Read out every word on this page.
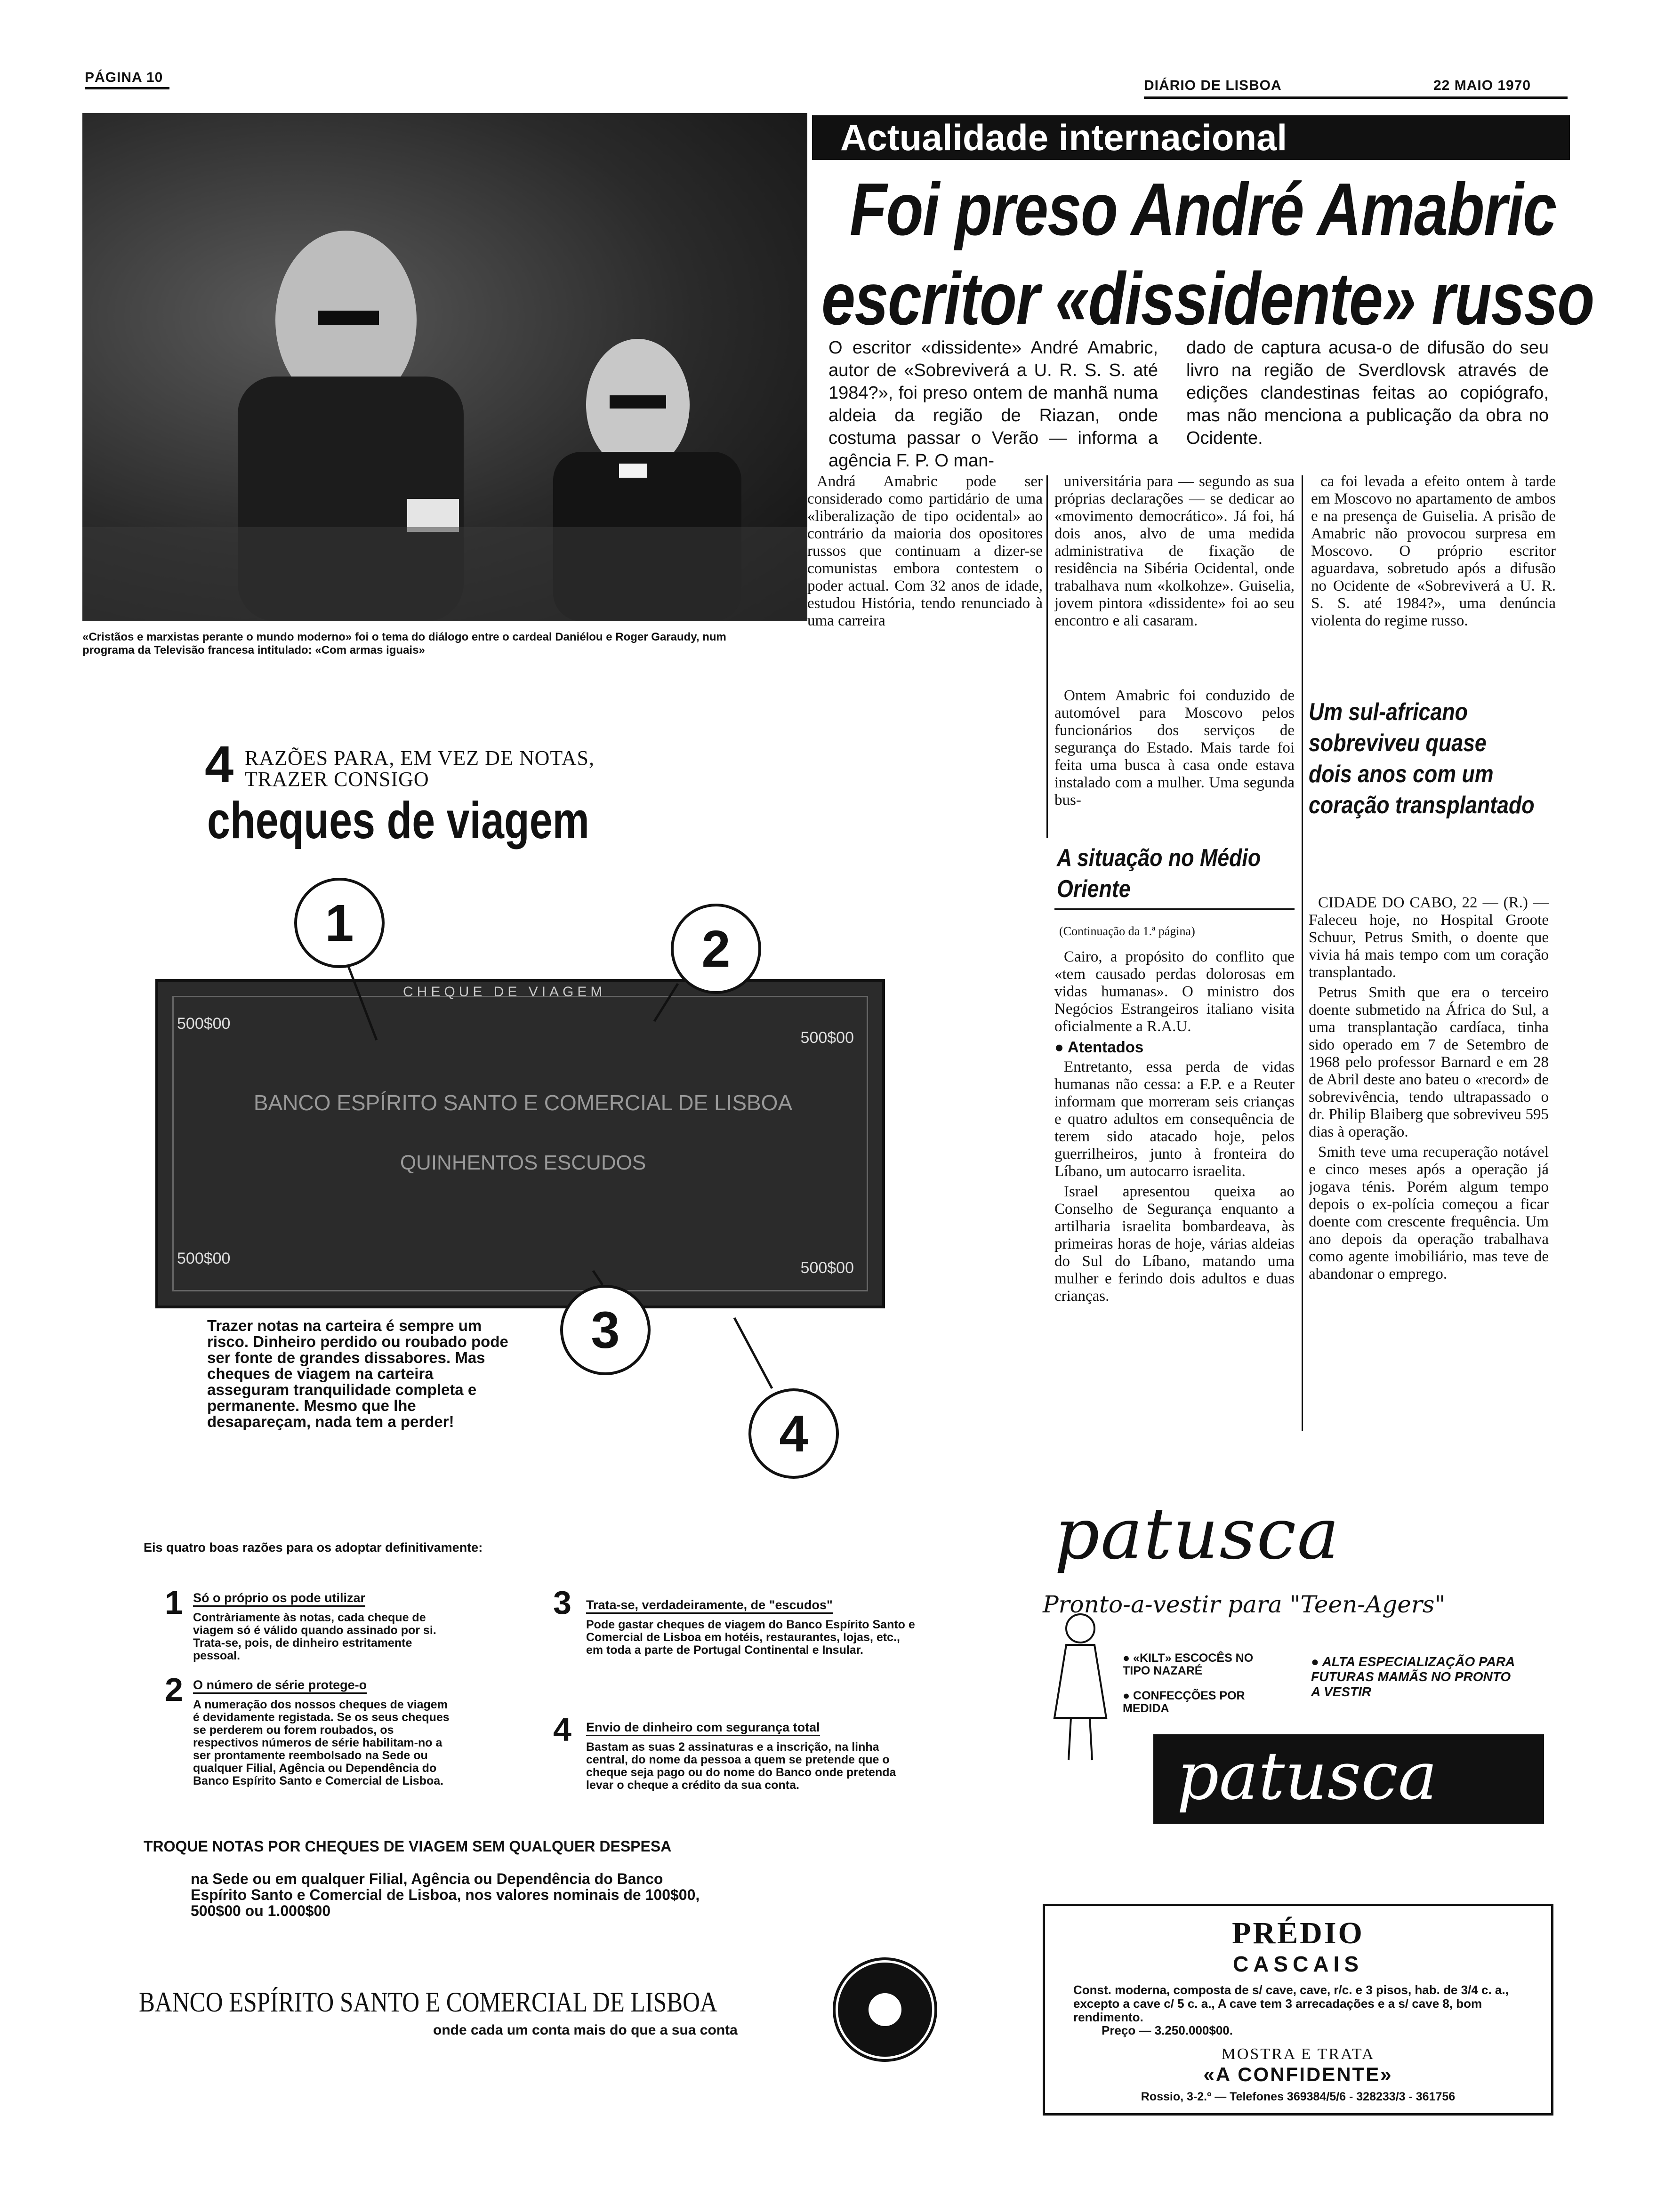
PÁGINA 10
DIÁRIO DE LISBOA	22 MAIO 1970
«Cristãos e marxistas perante o mundo moderno» foi o tema do diálogo entre o cardeal Daniélou e Roger Garaudy, num programa da Televisão francesa intitulado: «Com armas iguais»
Actualidade internacional
Foi preso André Amabric
escritor «dissidente» russo
O escritor «dissidente» André Amabric, autor de «Sobreviverá a U. R. S. S. até 1984?», foi preso ontem de manhã numa aldeia da região de Riazan, onde costuma passar o Verão — informa a agência F. P. O man-
dado de captura acusa-o de difusão do seu livro na região de Sverdlovsk através de edições clandestinas feitas ao copiógrafo, mas não menciona a publicação da obra no Ocidente.

Andrá Amabric pode ser considerado como partidário de uma «liberalização de tipo ocidental» ao contrário da maioria dos opositores russos que continuam a dizer-se comunistas embora contestem o poder actual. Com 32 anos de idade, estudou História, tendo renunciado à uma carreira

universitária para — segundo as sua próprias declarações — se dedicar ao «movimento democrático». Já foi, há dois anos, alvo de uma medida administrativa de fixação de residência na Sibéria Ocidental, onde trabalhava num «kolkohze». Guiselia, jovem pintora «dissidente» foi ao seu encontro e ali casaram.

ca foi levada a efeito ontem à tarde em Moscovo no apartamento de ambos e na presença de Guiselia. A prisão de Amabric não provocou surpresa em Moscovo. O próprio escritor aguardava, sobretudo após a difusão no Ocidente de «Sobreviverá a U. R. S. S. até 1984?», uma denúncia violenta do regime russo.

Ontem Amabric foi conduzido de automóvel para Moscovo pelos funcionários dos serviços de segurança do Estado. Mais tarde foi feita uma busca à casa onde estava instalado com a mulher. Uma segunda bus-

A situação no Médio Oriente
(Continuação da 1.ª página)

Cairo, a propósito do conflito que «tem causado perdas dolorosas em vidas humanas». O ministro dos Negócios Estrangeiros italiano visita oficialmente a R.A.U.

● Atentados

Entretanto, essa perda de vidas humanas não cessa: a F.P. e a Reuter informam que morreram seis crianças e quatro adultos em consequência de terem sido atacado hoje, pelos guerrilheiros, junto à fronteira do Líbano, um autocarro israelita.

Israel apresentou queixa ao Conselho de Segurança enquanto a artilharia israelita bombardeava, às primeiras horas de hoje, várias aldeias do Sul do Líbano, matando uma mulher e ferindo dois adultos e duas crianças.

Um sul-africano sobreviveu quase dois anos com um coração transplantado

CIDADE DO CABO, 22 — (R.) — Faleceu hoje, no Hospital Groote Schuur, Petrus Smith, o doente que vivia há mais tempo com um coração transplantado.

Petrus Smith que era o terceiro doente submetido na África do Sul, a uma transplantação cardíaca, tinha sido operado em 7 de Setembro de 1968 pelo professor Barnard e em 28 de Abril deste ano bateu o «record» de sobrevivência, tendo ultrapassado o dr. Philip Blaiberg que sobreviveu 595 dias à operação.

Smith teve uma recuperação notável e cinco meses após a operação já jogava ténis. Porém algum tempo depois o ex-polícia começou a ficar doente com crescente frequência. Um ano depois da operação trabalhava como agente imobiliário, mas teve de abandonar o emprego.

4 RAZÕES PARA, EM VEZ DE NOTAS,
TRAZER CONSIGO
cheques de viagem
CHEQUE DE VIAGEM
500$00
500$00
500$00
500$00
BANCO ESPÍRITO SANTO E COMERCIAL DE LISBOA
QUINHENTOS ESCUDOS
1	2
3
4
Trazer notas na carteira é sempre um risco. Dinheiro perdido ou roubado pode ser fonte de grandes dissabores. Mas cheques de viagem na carteira asseguram tranquilidade completa e permanente. Mesmo que lhe desapareçam, nada tem a perder!
Eis quatro boas razões para os adoptar definitivamente:
1 Só o próprio os pode utilizar
Contràriamente às notas, cada cheque de viagem só é válido quando assinado por si. Trata-se, pois, de dinheiro estritamente pessoal.
2 O número de série protege-o
A numeração dos nossos cheques de viagem é devidamente registada. Se os seus cheques se perderem ou forem roubados, os respectivos números de série habilitam-no a ser prontamente reembolsado na Sede ou qualquer Filial, Agência ou Dependência do Banco Espírito Santo e Comercial de Lisboa.
3 Trata-se, verdadeiramente, de "escudos"
Pode gastar cheques de viagem do Banco Espírito Santo e Comercial de Lisboa em hotéis, restaurantes, lojas, etc., em toda a parte de Portugal Continental e Insular.
4 Envio de dinheiro com segurança total
Bastam as suas 2 assinaturas e a inscrição, na linha central, do nome da pessoa a quem se pretende que o cheque seja pago ou do nome do Banco onde pretenda levar o cheque a crédito da sua conta.
TROQUE NOTAS POR CHEQUES DE VIAGEM SEM QUALQUER DESPESA
na Sede ou em qualquer Filial, Agência ou Dependência do Banco Espírito Santo e Comercial de Lisboa, nos valores nominais de 100$00, 500$00 ou 1.000$00
BANCO ESPÍRITO SANTO E COMERCIAL DE LISBOA
onde cada um conta mais do que a sua conta
patusca
Pronto-a-vestir para "Teen-Agers"
● «KILT» ESCOCÊS NO TIPO NAZARÉ
● CONFECÇÕES POR MEDIDA
● ALTA ESPECIALIZAÇÃO PARA FUTURAS MAMÃS NO PRONTO A VESTIR
patusca
PRÉDIO
CASCAIS
Const. moderna, composta de s/ cave, cave, r/c. e 3 pisos, hab. de 3/4 c. a., excepto a cave c/ 5 c. a., A cave tem 3 arrecadações e a s/ cave 8, bom rendimento.
Preço — 3.250.000$00.
MOSTRA E TRATA
«A CONFIDENTE»
Rossio, 3-2.º — Telefones 369384/5/6 - 328233/3 - 361756
